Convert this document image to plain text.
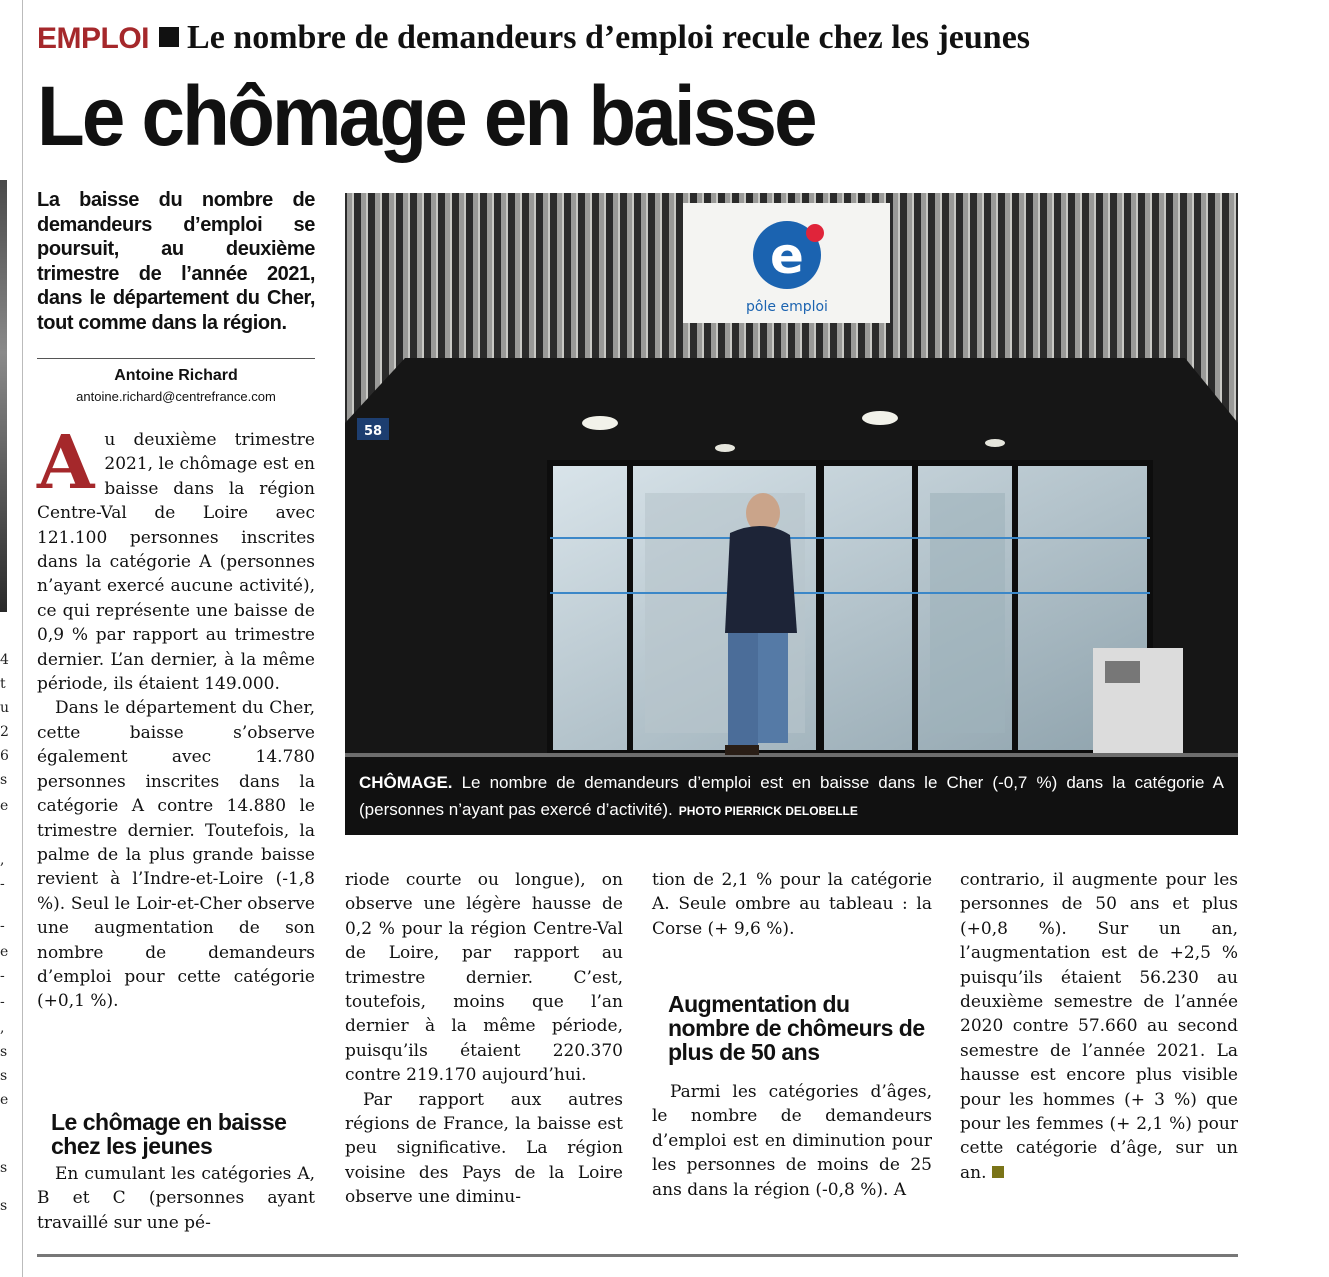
4
t
u
2
6
s
e
,
-
-
e
-
-
,
s
s
e
s
s
EMPLOI Le nombre de demandeurs d’emploi recule chez les jeunes
Le chômage en baisse

La baisse du nombre de demandeurs d’emploi se poursuit, au deuxième trimestre de l’année 2021, dans le département du Cher, tout comme dans la région.

Antoine Richard
antoine.richard@centrefrance.com

Au deuxième trimestre 2021, le chômage est en baisse dans la région Centre-Val de Loire avec 121.100 personnes inscrites dans la catégorie A (personnes n’ayant exercé aucune activité), ce qui représente une baisse de 0,9 % par rapport au trimestre dernier. L’an dernier, à la même période, ils étaient 149.000.

Dans le département du Cher, cette baisse s’observe également avec 14.780 personnes inscrites dans la catégorie A contre 14.880 le trimestre dernier. Toutefois, la palme de la plus grande baisse revient à l’Indre-et-Loire (-1,8 %). Seul le Loir-et-Cher observe une augmentation de son nombre de demandeurs d’emploi pour cette catégorie (+0,1 %).

Le chômage en baisse chez les jeunes

En cumulant les catégories A, B et C (personnes ayant travaillé sur une pé-

riode courte ou longue), on observe une légère hausse de 0,2 % pour la région Centre-Val de Loire, par rapport au trimestre dernier. C’est, toutefois, moins que l’an dernier à la même période, puisqu’ils étaient 220.370 contre 219.170 aujourd’hui.

Par rapport aux autres régions de France, la baisse est peu significative. La région voisine des Pays de la Loire observe une diminu-

tion de 2,1 % pour la catégorie A. Seule ombre au tableau : la Corse (+ 9,6 %).

Augmentation du nombre de chômeurs de plus de 50 ans

Parmi les catégories d’âges, le nombre de demandeurs d’emploi est en diminution pour les personnes de moins de 25 ans dans la région (-0,8 %). A

contrario, il augmente pour les personnes de 50 ans et plus (+0,8 %). Sur un an, l’augmentation est de +2,5 % puisqu’ils étaient 56.230 au deuxième semestre de l’année 2020 contre 57.660 au second semestre de l’année 2021. La hausse est encore plus visible pour les hommes (+ 3 %) que pour les femmes (+ 2,1 %) pour cette catégorie d’âge, sur un an.

e
pôle emploi
58
CHÔMAGE. Le nombre de demandeurs d’emploi est en baisse dans le Cher (-0,7 %) dans la catégorie A (personnes n’ayant pas exercé d’activité). PHOTO PIERRICK DELOBELLE
